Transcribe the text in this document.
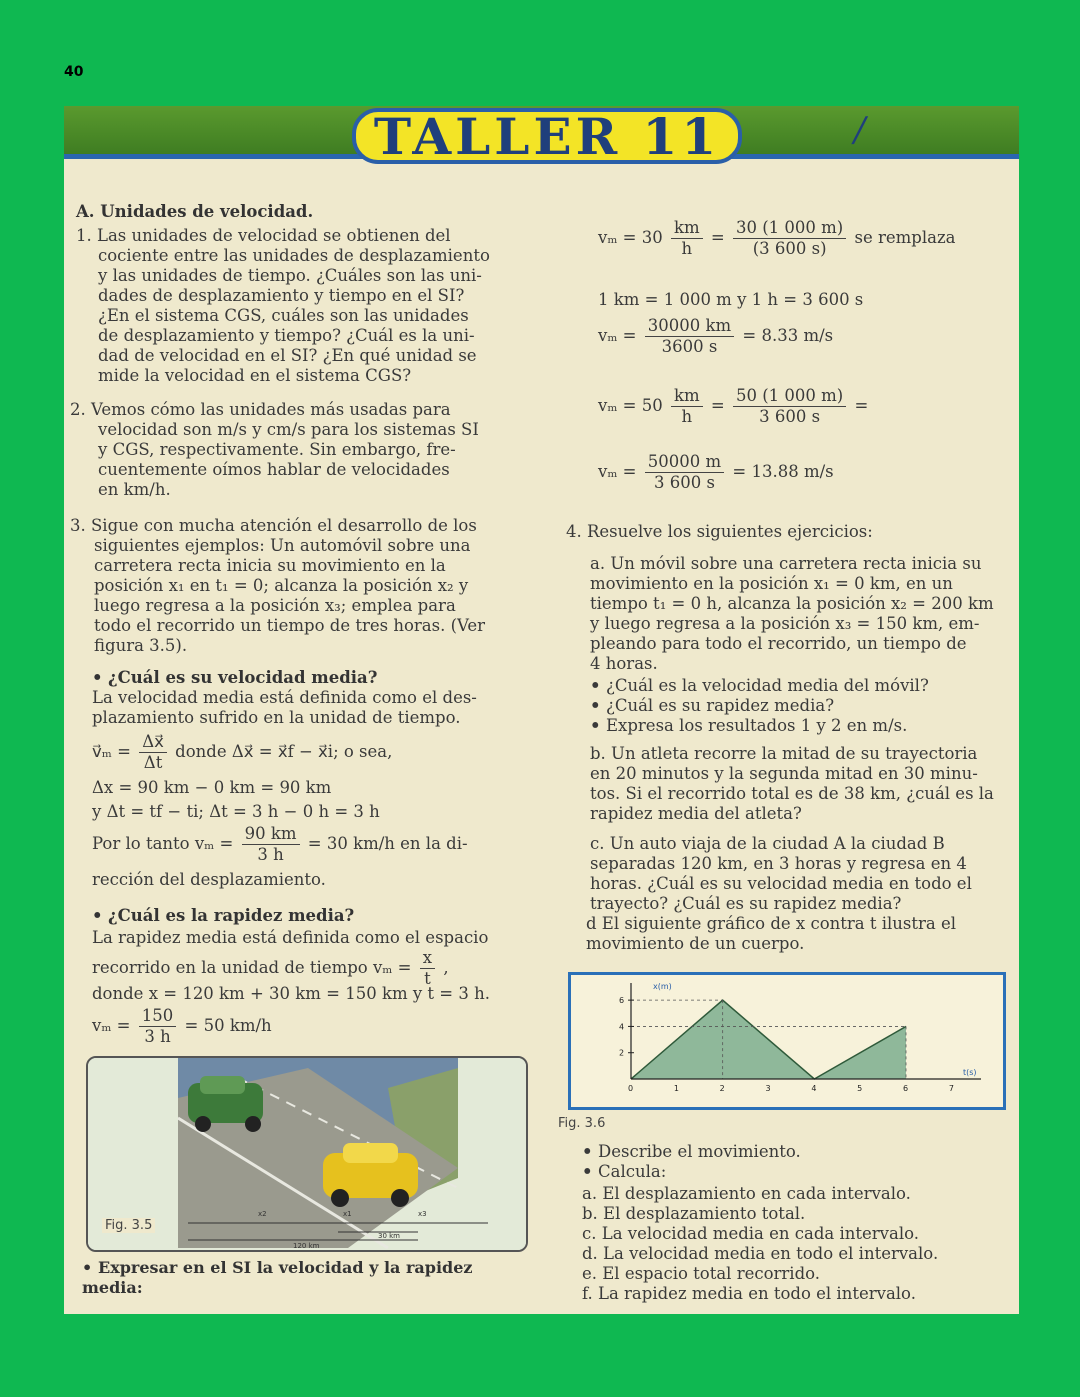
40
TALLER 11	∕
A. Unidades de velocidad.
1. Las unidades de velocidad se obtienen del
cociente entre las unidades de desplazamiento
y las unidades de tiempo. ¿Cuáles son las uni-
dades de desplazamiento y tiempo en el SI?
¿En el sistema CGS, cuáles son las unidades
de desplazamiento y tiempo? ¿Cuál es la uni-
dad de velocidad en el SI? ¿En qué unidad se
mide la velocidad en el sistema CGS?
2. Vemos cómo las unidades más usadas para
velocidad son m/s y cm/s para los sistemas SI
y CGS, respectivamente. Sin embargo, fre-
cuentemente oímos hablar de velocidades
en km/h.
3. Sigue con mucha atención el desarrollo de los
siguientes ejemplos: Un automóvil sobre una
carretera recta inicia su movimiento en la
posición x₁ en t₁ = 0; alcanza la posición x₂ y
luego regresa a la posición x₃; emplea para
todo el recorrido un tiempo de tres horas. (Ver
figura 3.5).
• ¿Cuál es su velocidad media?
La velocidad media está definida como el des-
plazamiento sufrido en la unidad de tiempo.
v⃗ₘ = $\frac{\Delta x⃗}{\Delta t}$ donde Δx⃗ = x⃗f − x⃗i; o sea,
Δx = 90 km − 0 km = 90 km
y Δt = tf − ti; Δt = 3 h − 0 h = 3 h
Por lo tanto $v_m = \frac{90 km}{3 h} = 30$ km/h en la di-
rección del desplazamiento.
• ¿Cuál es la rapidez media?
La rapidez media está definida como el espacio
recorrido en la unidad de tiempo $v_m = \frac{x}{t}$ ,
donde x = 120 km + 30 km = 150 km y t = 3 h.
$v_m = \frac{150}{3 h} = 50$ km/h
x2	x1	x3
120 km
30 km
Fig. 3.5
• Expresar en el SI la velocidad y la rapidez
media:
$v_m = 30 \frac{km}{h} = \frac{30 (1 000 m)}{(3 600 s)}$ se remplaza
1 km = 1 000 m y 1 h = 3 600 s
$v_m = \frac{30000 km}{3600 s} = 8.33$ m/s
$v_m = 50 \frac{km}{h} = \frac{50 (1 000 m)}{3 600 s}$ =
$v_m = \frac{50000 m}{3 600 s} = 13.88$ m/s
4. Resuelve los siguientes ejercicios:
a. Un móvil sobre una carretera recta inicia su
movimiento en la posición x₁ = 0 km, en un
tiempo t₁ = 0 h, alcanza la posición x₂ = 200 km
y luego regresa a la posición x₃ = 150 km, em-
pleando para todo el recorrido, un tiempo de
4 horas.
• ¿Cuál es la velocidad media del móvil?
• ¿Cuál es su rapidez media?
• Expresa los resultados 1 y 2 en m/s.
b. Un atleta recorre la mitad de su trayectoria
en 20 minutos y la segunda mitad en 30 minu-
tos. Si el recorrido total es de 38 km, ¿cuál es la
rapidez media del atleta?
c. Un auto viaja de la ciudad A la ciudad B
separadas 120 km, en 3 horas y regresa en 4
horas. ¿Cuál es su velocidad media en todo el
trayecto? ¿Cuál es su rapidez media?
d El siguiente gráfico de x contra t ilustra el
movimiento de un cuerpo.
0	1	2	3	4	5	6	7
2
4
6
x(m)
t(s)
Fig. 3.6
• Describe el movimiento.
• Calcula:
a. El desplazamiento en cada intervalo.
b. El desplazamiento total.
c. La velocidad media en cada intervalo.
d. La velocidad media en todo el intervalo.
e. El espacio total recorrido.
f. La rapidez media en todo el intervalo.
